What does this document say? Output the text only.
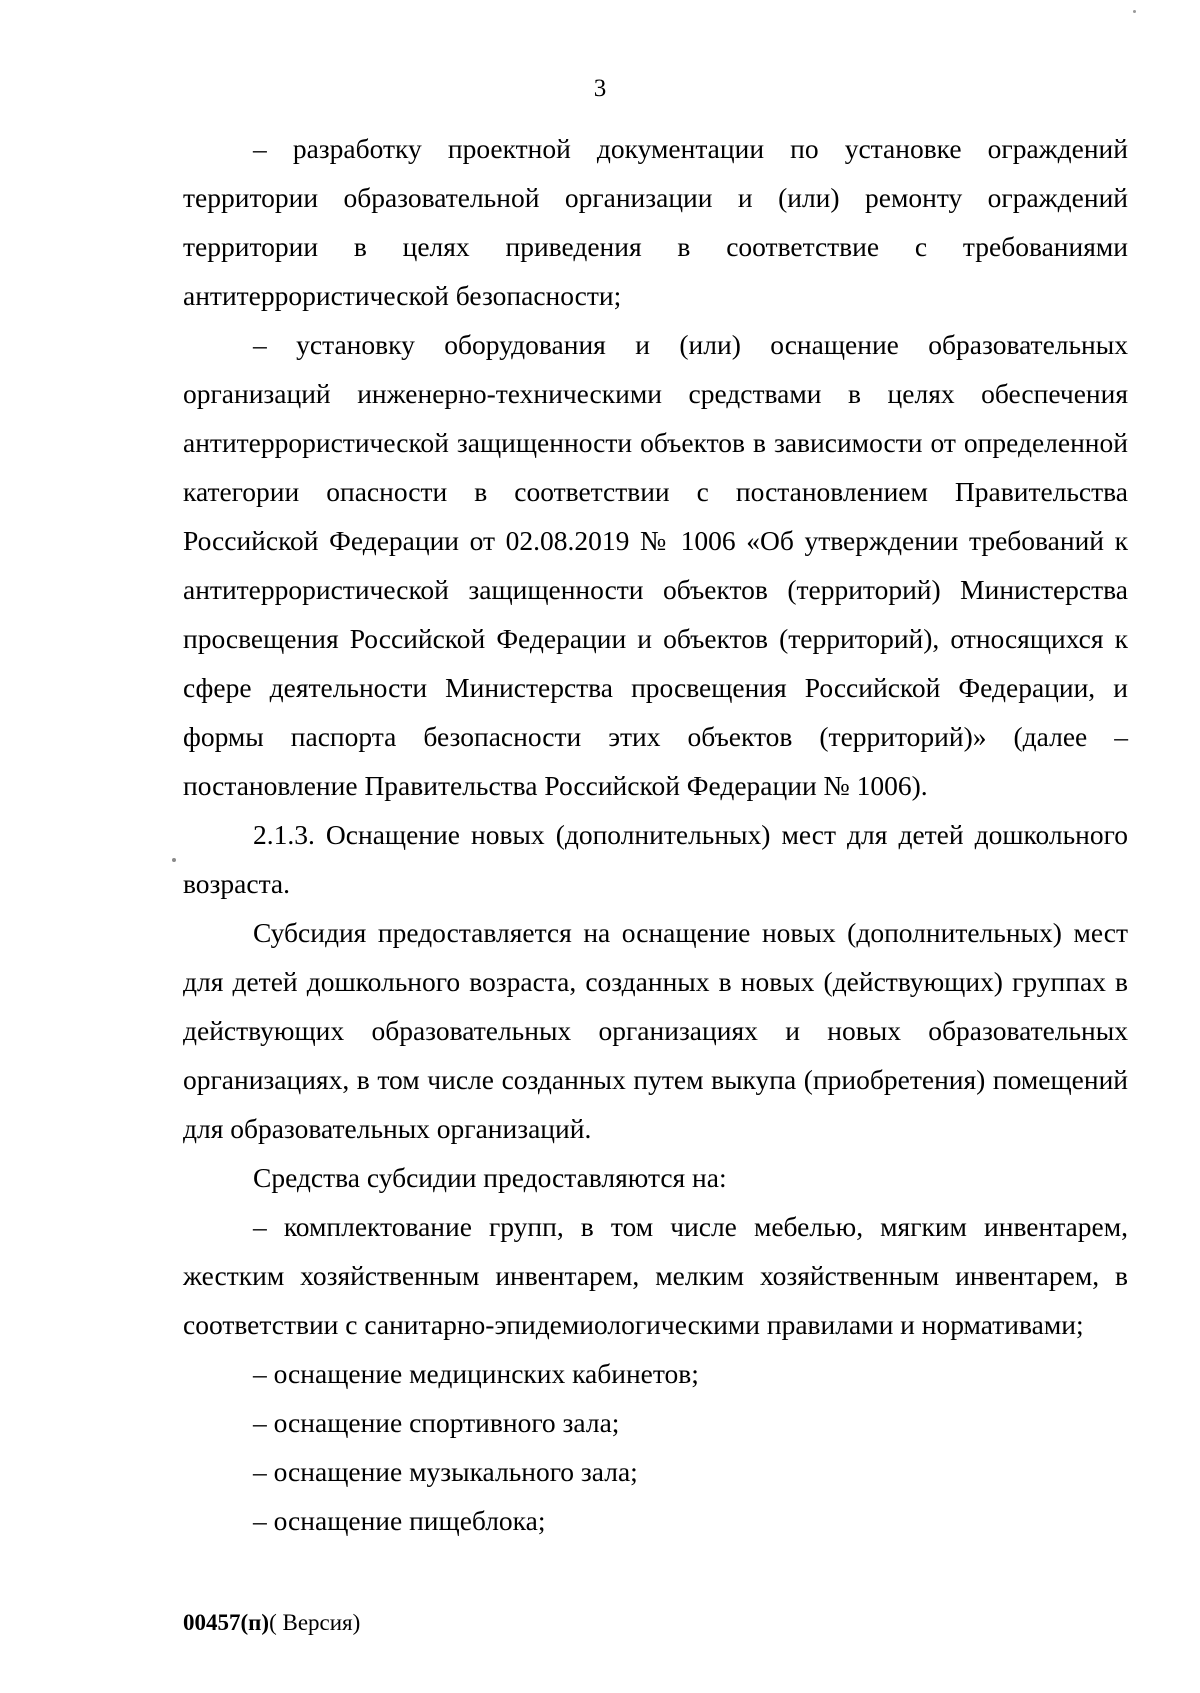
3

– разработку проектной документации по установке ограждений территории образовательной организации и (или) ремонту ограждений территории в целях приведения в соответствие с требованиями антитеррористической безопасности;

– установку оборудования и (или) оснащение образовательных организаций инженерно-техническими средствами в целях обеспечения антитеррористической защищенности объектов в зависимости от определенной категории опасности в соответствии с постановлением Правительства Российской Федерации от 02.08.2019 № 1006 «Об утверждении требований к антитеррористической защищенности объектов (территорий) Министерства просвещения Российской Федерации и объектов (территорий), относящихся к сфере деятельности Министерства просвещения Российской Федерации, и формы паспорта безопасности этих объектов (территорий)» (далее – постановление Правительства Российской Федерации № 1006).

2.1.3. Оснащение новых (дополнительных) мест для детей дошкольного возраста.

Субсидия предоставляется на оснащение новых (дополнительных) мест для детей дошкольного возраста, созданных в новых (действующих) группах в действующих образовательных организациях и новых образовательных организациях, в том числе созданных путем выкупа (приобретения) помещений для образовательных организаций.

Средства субсидии предоставляются на:

– комплектование групп, в том числе мебелью, мягким инвентарем, жестким хозяйственным инвентарем, мелким хозяйственным инвентарем, в соответствии с санитарно-эпидемиологическими правилами и нормативами;

– оснащение медицинских кабинетов;

– оснащение спортивного зала;

– оснащение музыкального зала;

– оснащение пищеблока;

00457(п)( Версия)
